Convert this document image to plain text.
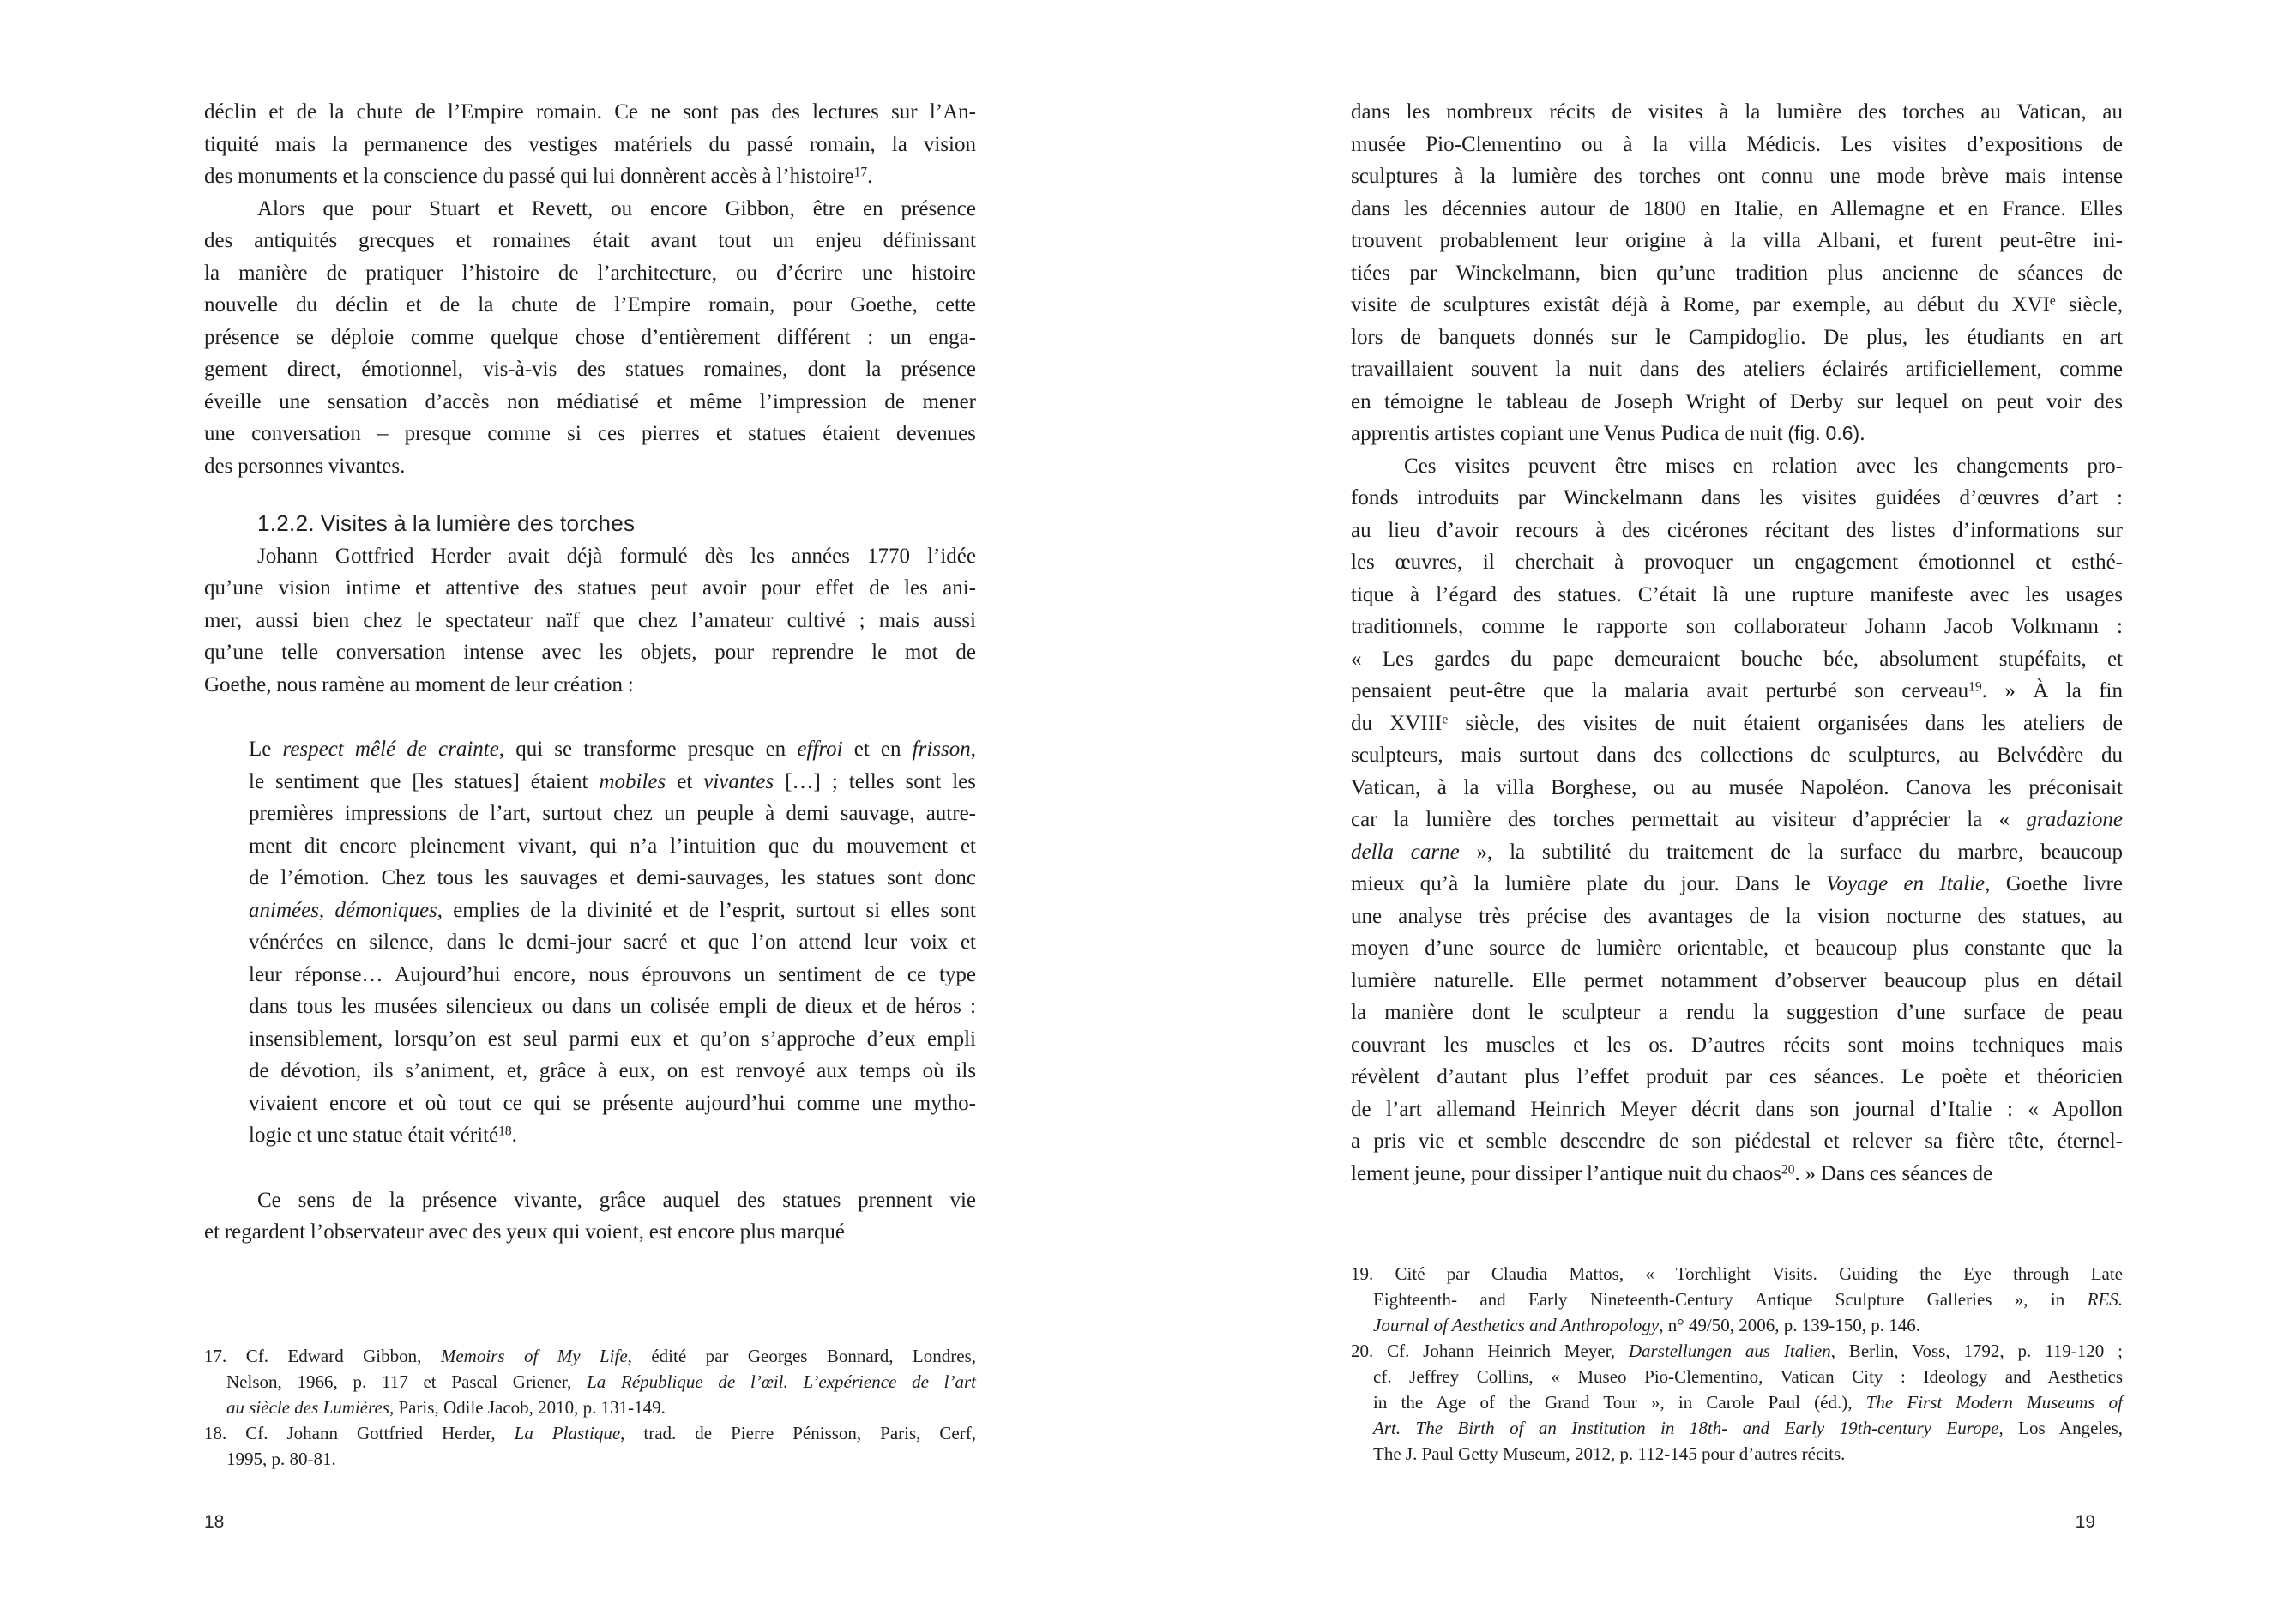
déclin et de la chute de l’Empire romain. Ce ne sont pas des lectures sur l’An-
tiquité mais la permanence des vestiges matériels du passé romain, la vision
des monuments et la conscience du passé qui lui donnèrent accès à l’histoire$^{17}$.
Alors que pour Stuart et Revett, ou encore Gibbon, être en présence
des antiquités grecques et romaines était avant tout un enjeu définissant
la manière de pratiquer l’histoire de l’architecture, ou d’écrire une histoire
nouvelle du déclin et de la chute de l’Empire romain, pour Goethe, cette
présence se déploie comme quelque chose d’entièrement différent : un enga-
gement direct, émotionnel, vis-à-vis des statues romaines, dont la présence
éveille une sensation d’accès non médiatisé et même l’impression de mener
une conversation – presque comme si ces pierres et statues étaient devenues
des personnes vivantes.
1.2.2. Visites à la lumière des torches
Johann Gottfried Herder avait déjà formulé dès les années 1770 l’idée
qu’une vision intime et attentive des statues peut avoir pour effet de les ani-
mer, aussi bien chez le spectateur naïf que chez l’amateur cultivé ; mais aussi
qu’une telle conversation intense avec les objets, pour reprendre le mot de
Goethe, nous ramène au moment de leur création :
Le respect mêlé de crainte, qui se transforme presque en effroi et en frisson,
le sentiment que [les statues] étaient mobiles et vivantes […] ; telles sont les
premières impressions de l’art, surtout chez un peuple à demi sauvage, autre-
ment dit encore pleinement vivant, qui n’a l’intuition que du mouvement et
de l’émotion. Chez tous les sauvages et demi-sauvages, les statues sont donc
animées, démoniques, emplies de la divinité et de l’esprit, surtout si elles sont
vénérées en silence, dans le demi-jour sacré et que l’on attend leur voix et
leur réponse… Aujourd’hui encore, nous éprouvons un sentiment de ce type
dans tous les musées silencieux ou dans un colisée empli de dieux et de héros :
insensiblement, lorsqu’on est seul parmi eux et qu’on s’approche d’eux empli
de dévotion, ils s’animent, et, grâce à eux, on est renvoyé aux temps où ils
vivaient encore et où tout ce qui se présente aujourd’hui comme une mytho-
logie et une statue était vérité$^{18}$.
Ce sens de la présence vivante, grâce auquel des statues prennent vie
et regardent l’observateur avec des yeux qui voient, est encore plus marqué
17. Cf. Edward Gibbon, Memoirs of My Life, édité par Georges Bonnard, Londres,
Nelson, 1966, p. 117 et Pascal Griener, La République de l’œil. L’expérience de l’art
au siècle des Lumières, Paris, Odile Jacob, 2010, p. 131-149.
18. Cf. Johann Gottfried Herder, La Plastique, trad. de Pierre Pénisson, Paris, Cerf,
1995, p. 80-81.
18
dans les nombreux récits de visites à la lumière des torches au Vatican, au
musée Pio-Clementino ou à la villa Médicis. Les visites d’expositions de
sculptures à la lumière des torches ont connu une mode brève mais intense
dans les décennies autour de 1800 en Italie, en Allemagne et en France. Elles
trouvent probablement leur origine à la villa Albani, et furent peut-être ini-
tiées par Winckelmann, bien qu’une tradition plus ancienne de séances de
visite de sculptures existât déjà à Rome, par exemple, au début du XVIe siècle,
lors de banquets donnés sur le Campidoglio. De plus, les étudiants en art
travaillaient souvent la nuit dans des ateliers éclairés artificiellement, comme
en témoigne le tableau de Joseph Wright of Derby sur lequel on peut voir des
apprentis artistes copiant une Venus Pudica de nuit (fig. 0.6).
Ces visites peuvent être mises en relation avec les changements pro-
fonds introduits par Winckelmann dans les visites guidées d’œuvres d’art :
au lieu d’avoir recours à des cicérones récitant des listes d’informations sur
les œuvres, il cherchait à provoquer un engagement émotionnel et esthé-
tique à l’égard des statues. C’était là une rupture manifeste avec les usages
traditionnels, comme le rapporte son collaborateur Johann Jacob Volkmann :
« Les gardes du pape demeuraient bouche bée, absolument stupéfaits, et
pensaient peut-être que la malaria avait perturbé son cerveau$^{19}$. » À la fin
du XVIIIe siècle, des visites de nuit étaient organisées dans les ateliers de
sculpteurs, mais surtout dans des collections de sculptures, au Belvédère du
Vatican, à la villa Borghese, ou au musée Napoléon. Canova les préconisait
car la lumière des torches permettait au visiteur d’apprécier la « gradazione
della carne », la subtilité du traitement de la surface du marbre, beaucoup
mieux qu’à la lumière plate du jour. Dans le Voyage en Italie, Goethe livre
une analyse très précise des avantages de la vision nocturne des statues, au
moyen d’une source de lumière orientable, et beaucoup plus constante que la
lumière naturelle. Elle permet notamment d’observer beaucoup plus en détail
la manière dont le sculpteur a rendu la suggestion d’une surface de peau
couvrant les muscles et les os. D’autres récits sont moins techniques mais
révèlent d’autant plus l’effet produit par ces séances. Le poète et théoricien
de l’art allemand Heinrich Meyer décrit dans son journal d’Italie : « Apollon
a pris vie et semble descendre de son piédestal et relever sa fière tête, éternel-
lement jeune, pour dissiper l’antique nuit du chaos$^{20}$. » Dans ces séances de
19. Cité par Claudia Mattos, « Torchlight Visits. Guiding the Eye through Late
Eighteenth- and Early Nineteenth-Century Antique Sculpture Galleries », in RES.
Journal of Aesthetics and Anthropology, n° 49/50, 2006, p. 139-150, p. 146.
20. Cf. Johann Heinrich Meyer, Darstellungen aus Italien, Berlin, Voss, 1792, p. 119-120 ;
cf. Jeffrey Collins, « Museo Pio-Clementino, Vatican City : Ideology and Aesthetics
in the Age of the Grand Tour », in Carole Paul (éd.), The First Modern Museums of
Art. The Birth of an Institution in 18th- and Early 19th-century Europe, Los Angeles,
The J. Paul Getty Museum, 2012, p. 112-145 pour d’autres récits.
19
